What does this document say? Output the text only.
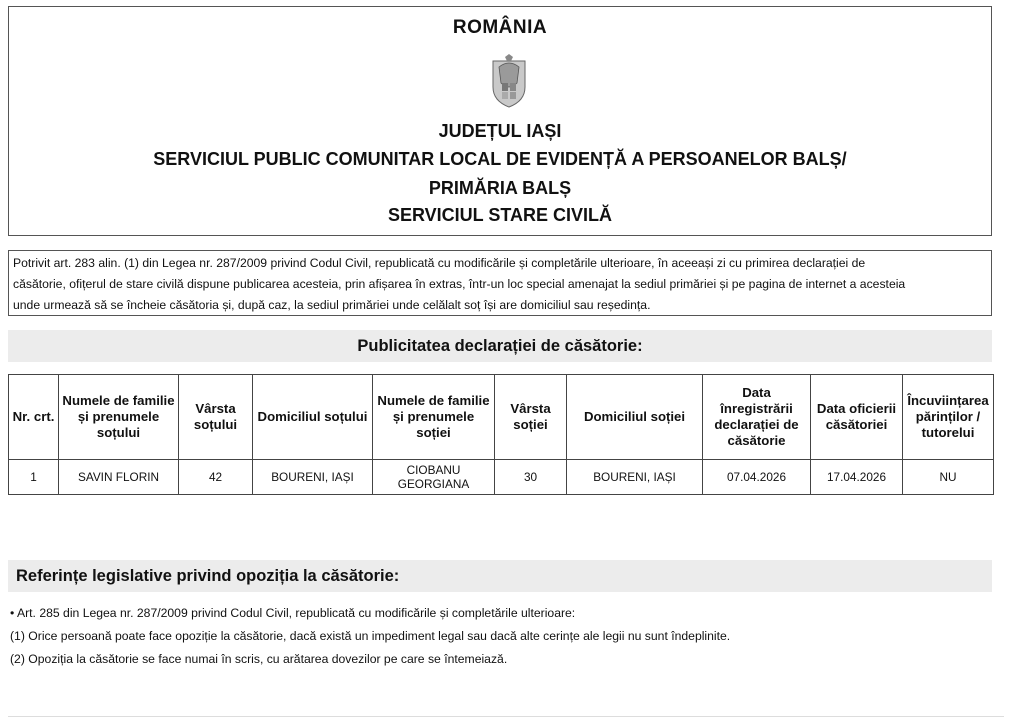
ROMÂNIA
JUDEȚUL IAȘI
SERVICIUL PUBLIC COMUNITAR LOCAL DE EVIDENȚĂ A PERSOANELOR BALȘ/
PRIMĂRIA BALȘ
SERVICIUL STARE CIVILĂ
Potrivit art. 283 alin. (1) din Legea nr. 287/2009 privind Codul Civil, republicată cu modificările și completările ulterioare, în aceeași zi cu primirea declarației de
căsătorie, ofițerul de stare civilă dispune publicarea acesteia, prin afișarea în extras, într-un loc special amenajat la sediul primăriei și pe pagina de internet a acesteia
unde urmează să se încheie căsătoria și, după caz, la sediul primăriei unde celălalt soț își are domiciliul sau reședința.
Publicitatea declarației de căsătorie:
Nr. crt.	Numele de familie și prenumele soțului	Vârsta soțului	Domiciliul soțului	Numele de familie și prenumele soției	Vârsta soției	Domiciliul soției	Data înregistrării declarației de căsătorie	Data oficierii căsătoriei	Încuviințarea părinților / tutorelui
1	SAVIN FLORIN	42	BOURENI, IAȘI	CIOBANU GEORGIANA	30	BOURENI, IAȘI	07.04.2026	17.04.2026	NU
Referințe legislative privind opoziția la căsătorie:
• Art. 285 din Legea nr. 287/2009 privind Codul Civil, republicată cu modificările și completările ulterioare:
(1) Orice persoană poate face opoziție la căsătorie, dacă există un impediment legal sau dacă alte cerințe ale legii nu sunt îndeplinite.
(2) Opoziția la căsătorie se face numai în scris, cu arătarea dovezilor pe care se întemeiază.
